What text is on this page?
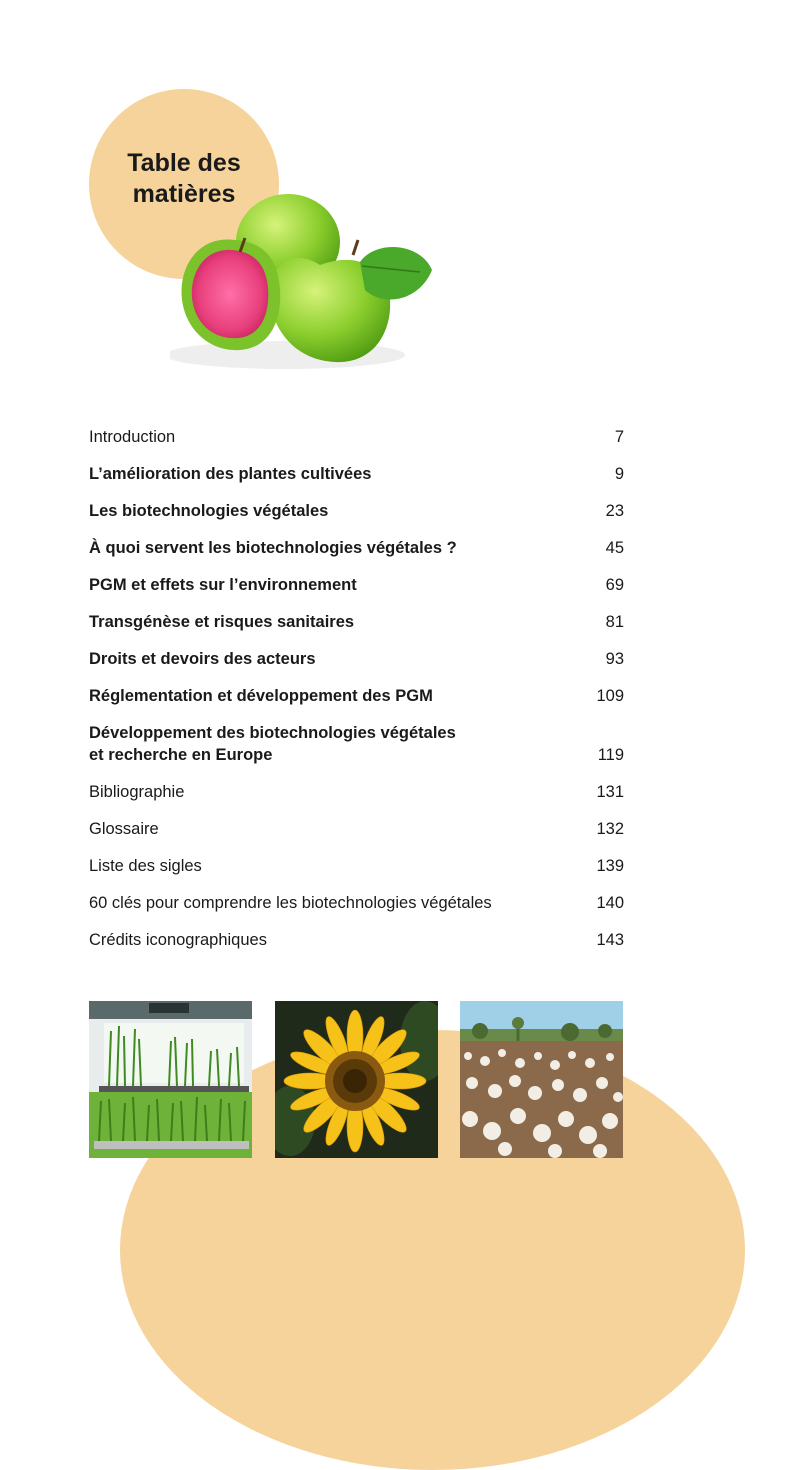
Table des
matières
Introduction	7
L’amélioration des plantes cultivées	9
Les biotechnologies végétales	23
À quoi servent les biotechnologies végétales ?	45
PGM et effets sur l’environnement	69
Transgénèse et risques sanitaires	81
Droits et devoirs des acteurs	93
Réglementation et développement des PGM	109
Développement des biotechnologies végétales
et recherche en Europe	119
Bibliographie	131
Glossaire	132
Liste des sigles	139
60 clés pour comprendre les biotechnologies végétales	140
Crédits iconographiques	143
